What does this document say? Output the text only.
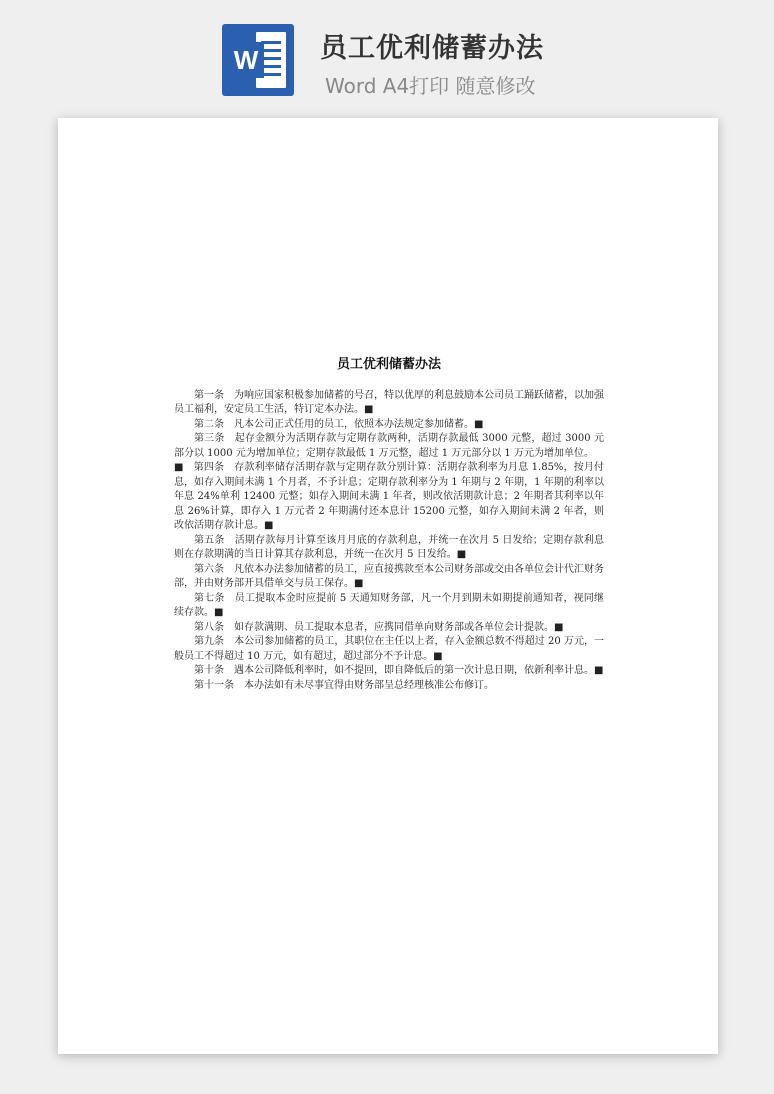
W 员工优利储蓄办法
Word A4打印 随意修改
员工优利储蓄办法

第一条　为响应国家积极参加储蓄的号召，特以优厚的利息鼓励本公司员工踊跃储蓄，以加强员工福利，安定员工生活，特订定本办法。■

第二条　凡本公司正式任用的员工，依照本办法规定参加储蓄。■

第三条　起存金额分为活期存款与定期存款两种，活期存款最低 3000 元整，超过 3000 元部分以 1000 元为增加单位；定期存款最低 1 万元整，超过 1 万元部分以 1 万元为增加单位。

■　第四条　存款利率储存活期存款与定期存款分别计算：活期存款利率为月息 1.85%，按月付息，如存入期间未满 1 个月者，不予计息；定期存款利率分为 1 年期与 2 年期，1 年期的利率以年息 24%单利 12400 元整；如存入期间未满 1 年者，则改依活期款计息；2 年期者其利率以年息 26%计算，即存入 1 万元者 2 年期满付还本息计 15200 元整，如存入期间未满 2 年者，则改依活期存款计息。■

第五条　活期存款每月计算至该月月底的存款利息，并统一在次月 5 日发给；定期存款利息则在存款期满的当日计算其存款利息，并统一在次月 5 日发给。■

第六条　凡依本办法参加储蓄的员工，应直接携款至本公司财务部或交由各单位会计代汇财务部，并由财务部开具借单交与员工保存。■

第七条　员工提取本金时应提前 5 天通知财务部，凡一个月到期未如期提前通知者，视同继续存款。■

第八条　如存款满期、员工提取本息者，应携同借单向财务部或各单位会计提款。■

第九条　本公司参加储蓄的员工，其职位在主任以上者，存入金额总数不得超过 20 万元，一般员工不得超过 10 万元，如有超过，超过部分不予计息。■

第十条　遇本公司降低利率时，如不提回，即自降低后的第一次计息日期，依新利率计息。■

第十一条　本办法如有未尽事宜得由财务部呈总经理核准公布修订。
